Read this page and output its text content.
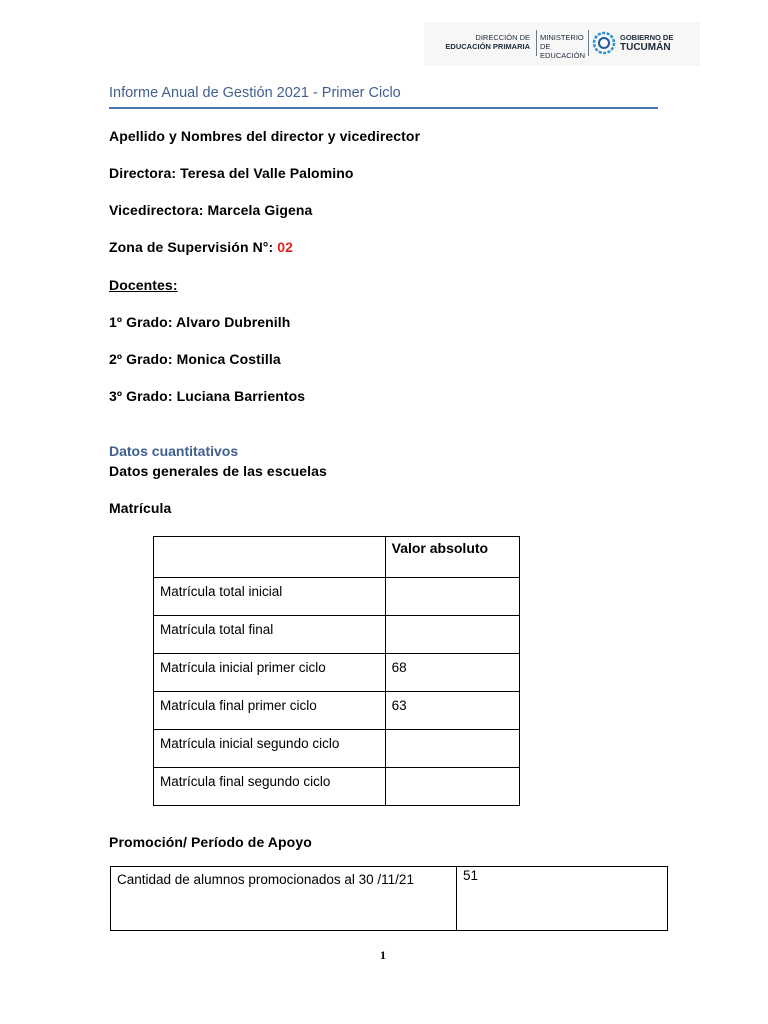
DIRECCIÓN DE
EDUCACIÓN PRIMARIA
MINISTERIO DE
EDUCACIÓN
GOBIERNO DE
TUCUMÁN
Informe Anual de Gestión 2021 - Primer Ciclo
Apellido y Nombres del director y vicedirector
Directora: Teresa del Valle Palomino
Vicedirectora: Marcela Gigena
Zona de Supervisión N°: 02
Docentes:
1º Grado: Alvaro Dubrenilh
2º Grado: Monica Costilla
3º Grado: Luciana Barrientos
Datos cuantitativos
Datos generales de las escuelas
Matrícula
	Valor absoluto
Matrícula total inicial	
Matrícula total final	
Matrícula inicial primer ciclo	68
Matrícula final primer ciclo	63
Matrícula inicial segundo ciclo	
Matrícula final segundo ciclo	
Promoción/ Período de Apoyo
Cantidad de alumnos promocionados al 30 /11/21	51
1
